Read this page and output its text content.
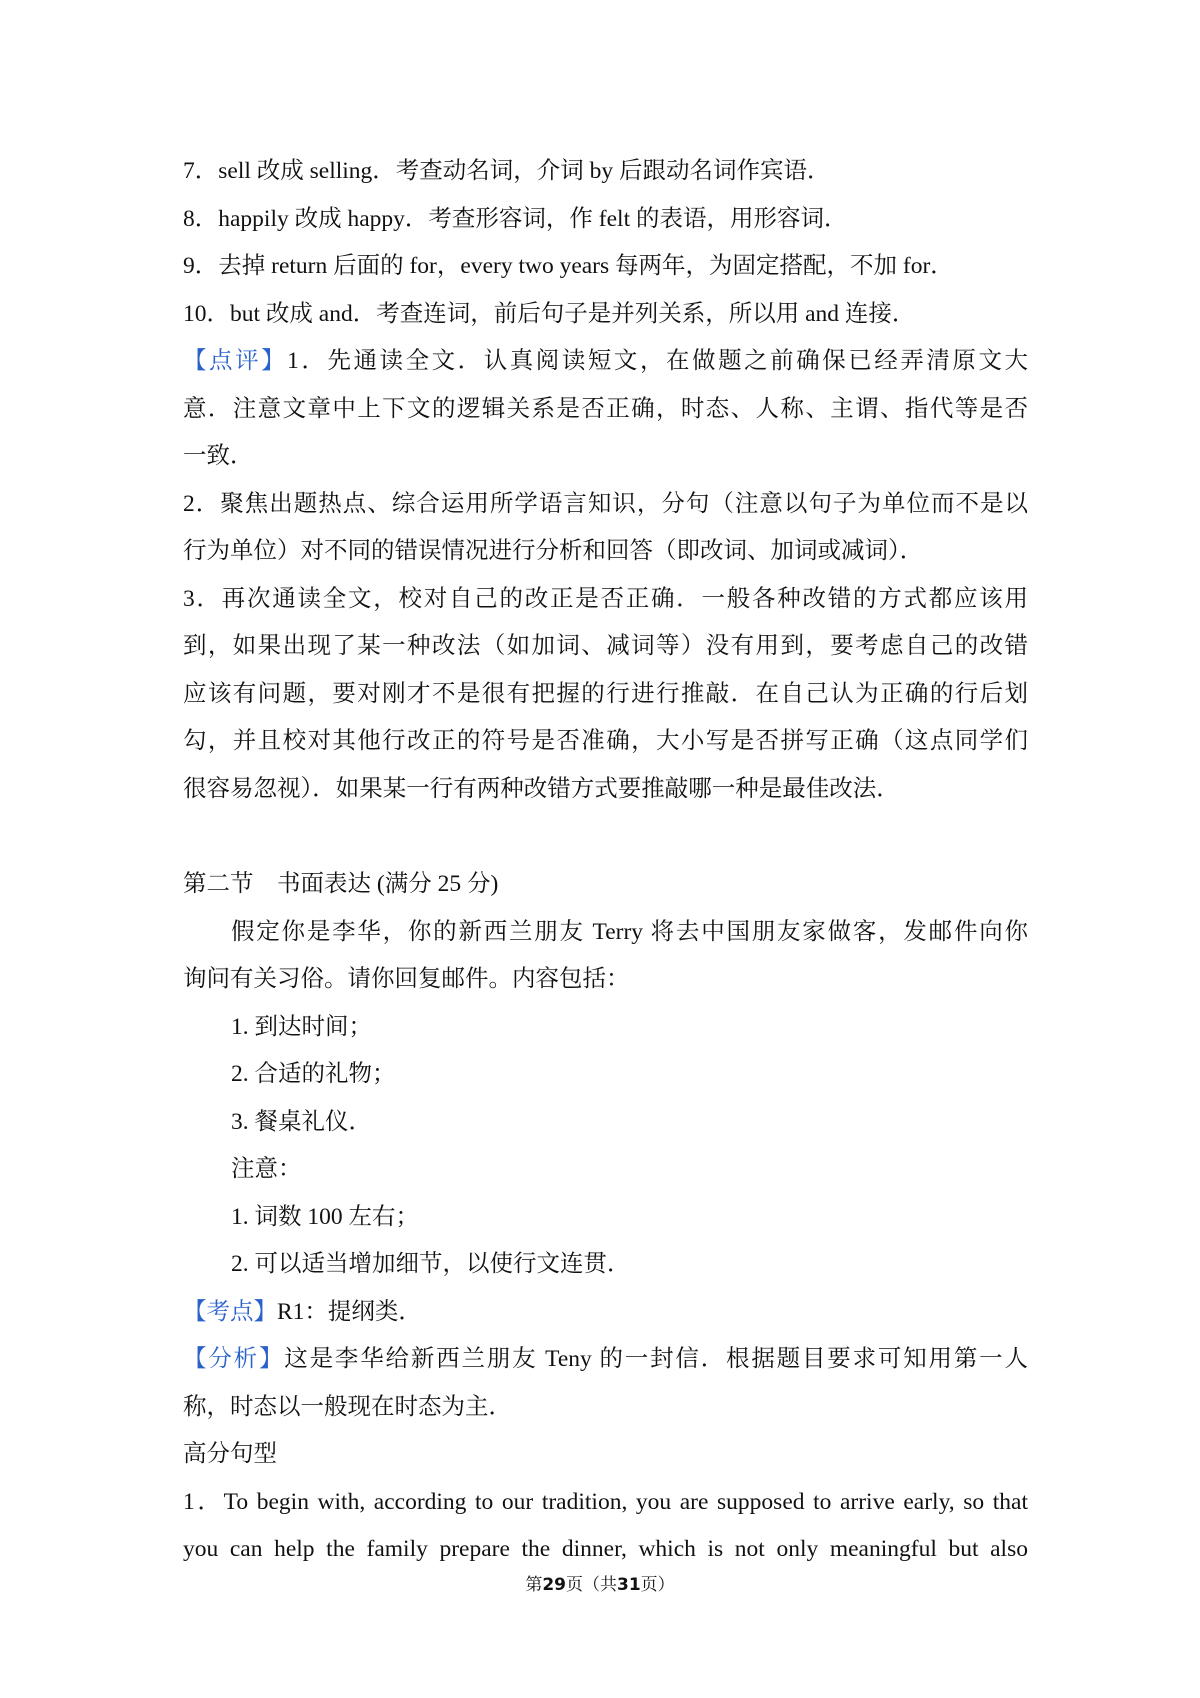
7．sell 改成 selling．考查动名词，介词 by 后跟动名词作宾语．
8．happily 改成 happy．考查形容词，作 felt 的表语，用形容词．
9．去掉 return 后面的 for，every two years 每两年，为固定搭配，不加 for．
10．but 改成 and．考查连词，前后句子是并列关系，所以用 and 连接．
【点评】1．先通读全文．认真阅读短文，在做题之前确保已经弄清原文大
意．注意文章中上下文的逻辑关系是否正确，时态、人称、主谓、指代等是否
一致．
2．聚焦出题热点、综合运用所学语言知识，分句（注意以句子为单位而不是以
行为单位）对不同的错误情况进行分析和回答（即改词、加词或减词）．
3．再次通读全文，校对自己的改正是否正确．一般各种改错的方式都应该用
到，如果出现了某一种改法（如加词、减词等）没有用到，要考虑自己的改错
应该有问题，要对刚才不是很有把握的行进行推敲．在自己认为正确的行后划
勾，并且校对其他行改正的符号是否准确，大小写是否拼写正确（这点同学们
很容易忽视）．如果某一行有两种改错方式要推敲哪一种是最佳改法．
第二节　书面表达 (满分 25 分)
假定你是李华，你的新西兰朋友 Terry 将去中国朋友家做客，发邮件向你
询问有关习俗。请你回复邮件。内容包括：
1. 到达时间；
2. 合适的礼物；
3. 餐桌礼仪．
注意：
1. 词数 100 左右；
2. 可以适当增加细节，以使行文连贯．
【考点】R1：提纲类．
【分析】这是李华给新西兰朋友 Teny 的一封信．根据题目要求可知用第一人
称，时态以一般现在时态为主．
高分句型
1．To begin with, according to our tradition, you are supposed to arrive early, so that
you can help the family prepare the dinner, which is not only meaningful but also
第29页（共31页）
